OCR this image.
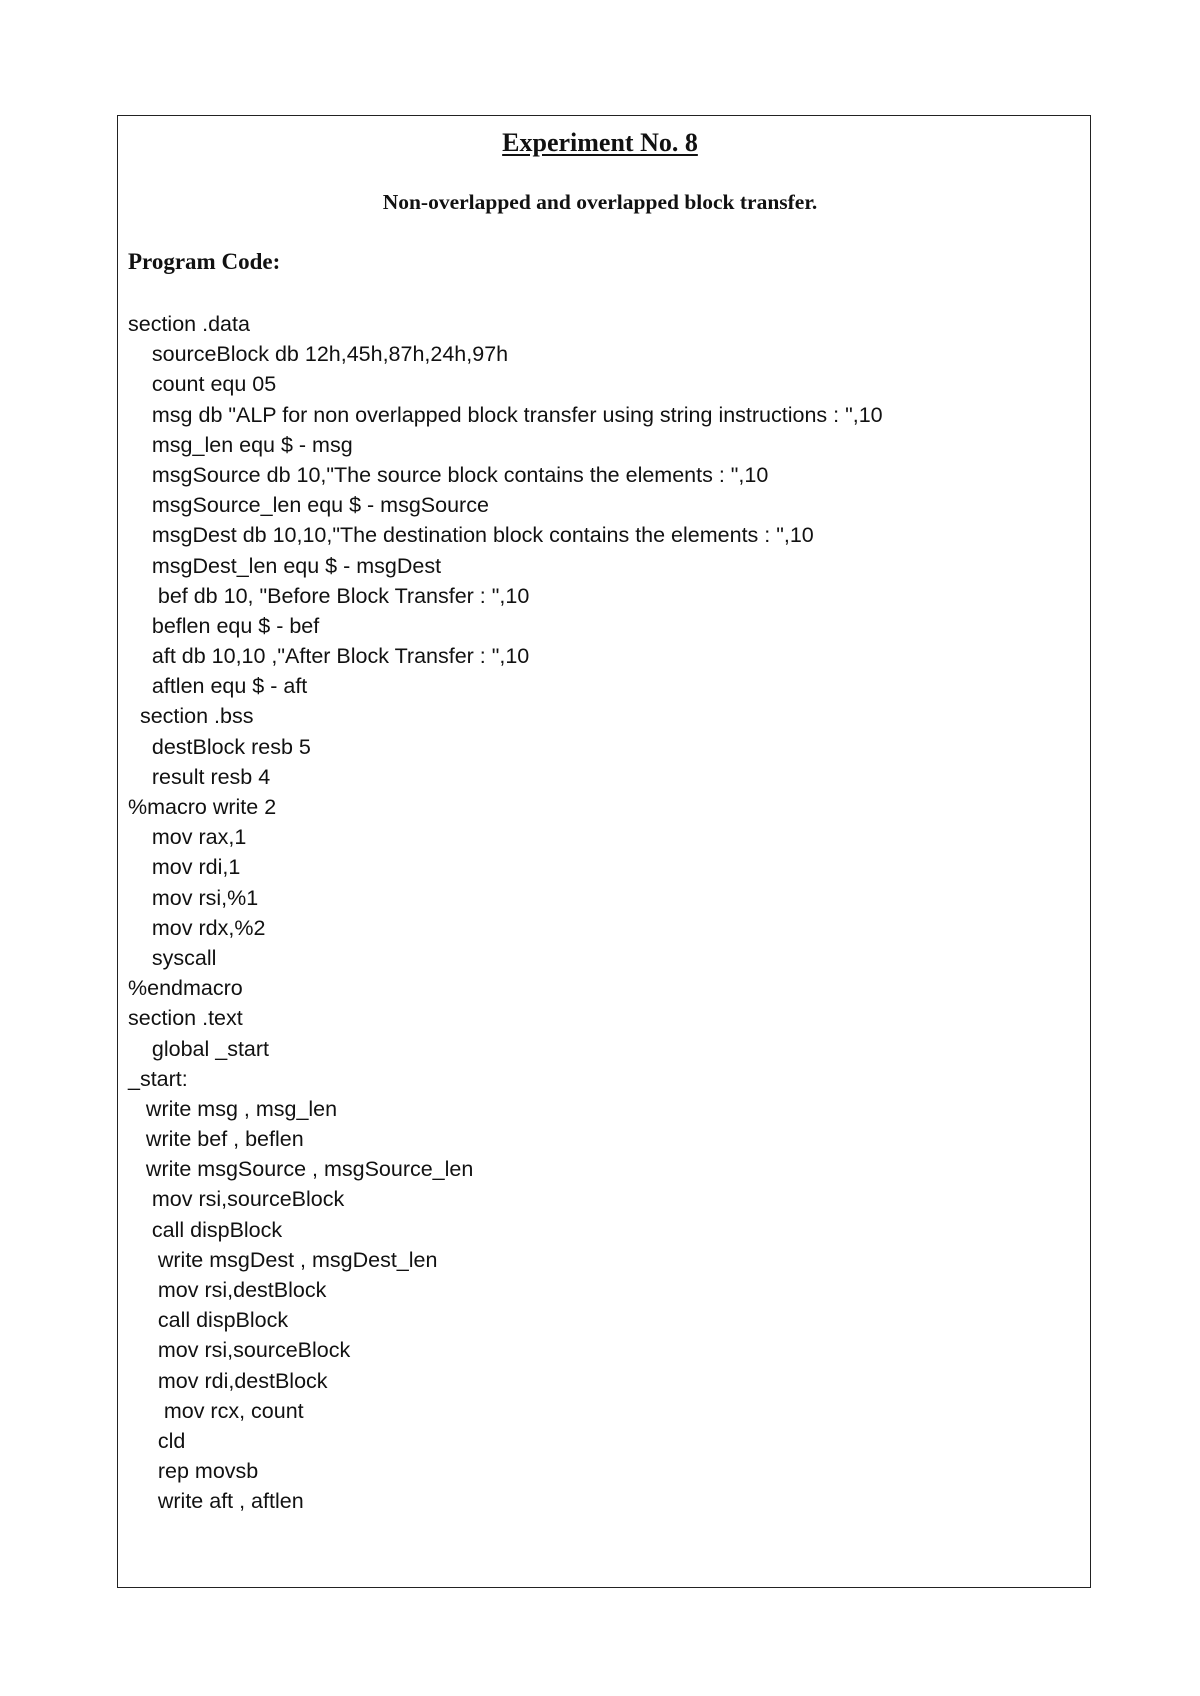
Experiment No. 8
Non-overlapped and overlapped block transfer.
Program Code:
section .data
sourceBlock db 12h,45h,87h,24h,97h
count equ 05
msg db "ALP for non overlapped block transfer using string instructions : ",10
msg_len equ $ - msg
msgSource db 10,"The source block contains the elements : ",10
msgSource_len equ $ - msgSource
msgDest db 10,10,"The destination block contains the elements : ",10
msgDest_len equ $ - msgDest
bef db 10, "Before Block Transfer : ",10
beflen equ $ - bef
aft db 10,10 ,"After Block Transfer : ",10
aftlen equ $ - aft
section .bss
destBlock resb 5
result resb 4
%macro write 2
mov rax,1
mov rdi,1
mov rsi,%1
mov rdx,%2
syscall
%endmacro
section .text
global _start
_start:
write msg , msg_len
write bef , beflen
write msgSource , msgSource_len
mov rsi,sourceBlock
call dispBlock
write msgDest , msgDest_len
mov rsi,destBlock
call dispBlock
mov rsi,sourceBlock
mov rdi,destBlock
mov rcx, count
cld
rep movsb
write aft , aftlen
